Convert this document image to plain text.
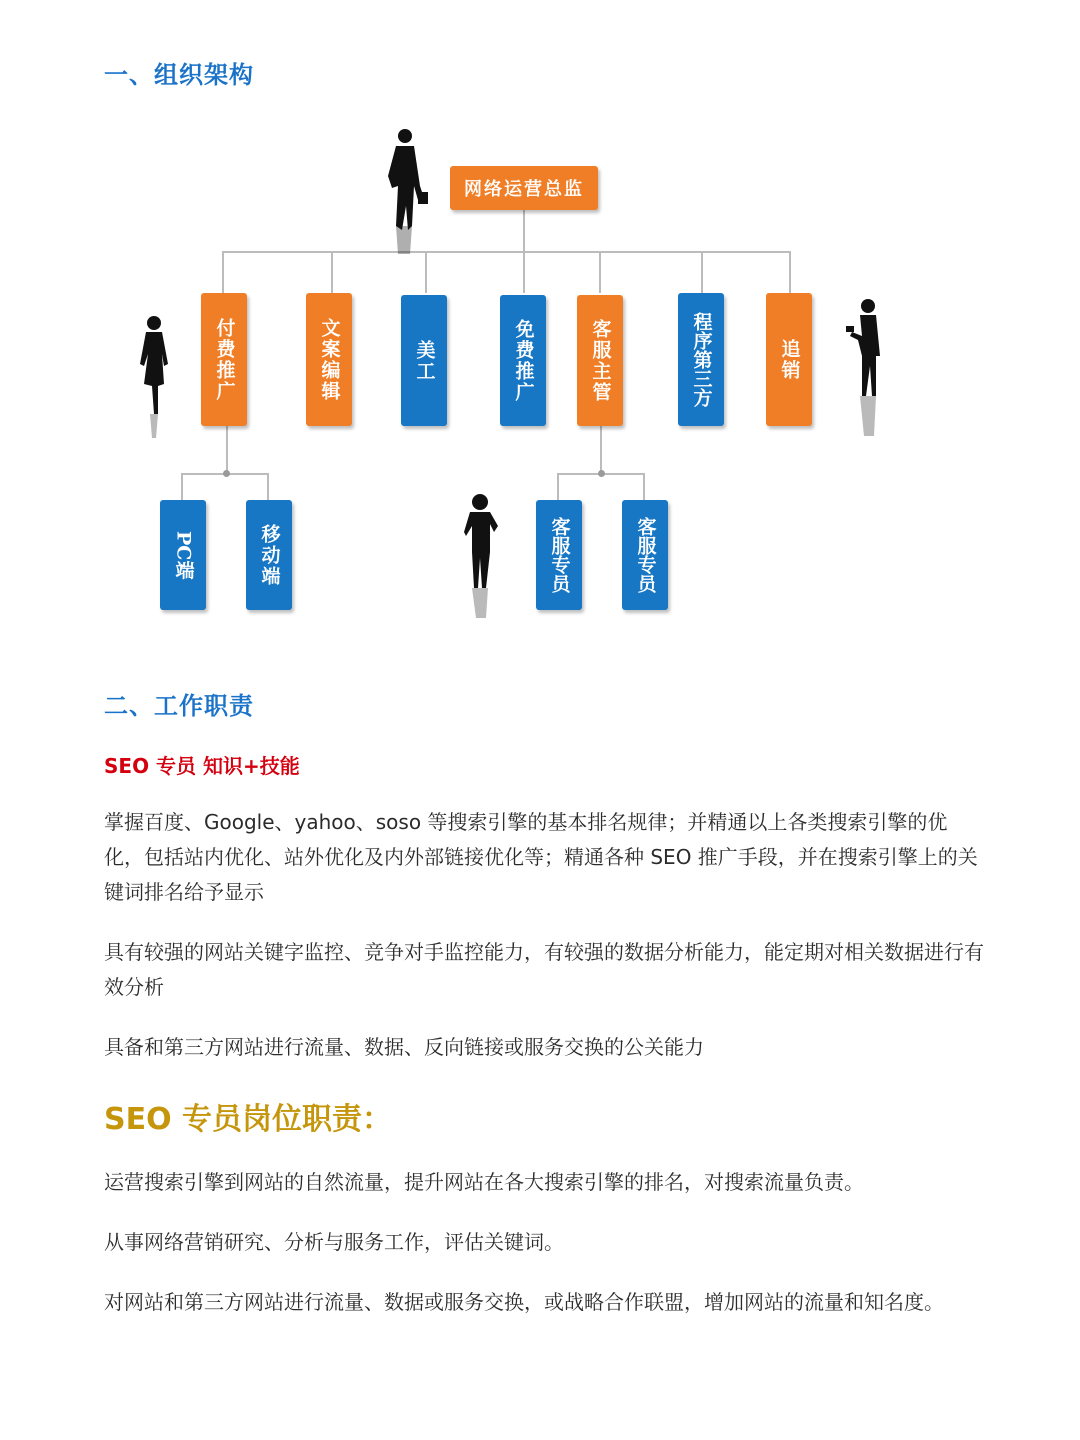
一、组织架构
网络运营总监
付费推广	文案编辑	美工	免费推广	客服主管	程序第三方	追销
PC端	移动端	客服专员	客服专员
二、工作职责

SEO 专员 知识+技能

掌握百度、Google、yahoo、soso 等搜索引擎的基本排名规律；并精通以上各类搜索引擎的优化，包括站内优化、站外优化及内外部链接优化等；精通各种 SEO 推广手段，并在搜索引擎上的关键词排名给予显示

具有较强的网站关键字监控、竞争对手监控能力，有较强的数据分析能力，能定期对相关数据进行有效分析

具备和第三方网站进行流量、数据、反向链接或服务交换的公关能力

SEO 专员岗位职责：

运营搜索引擎到网站的自然流量，提升网站在各大搜索引擎的排名，对搜索流量负责。

从事网络营销研究、分析与服务工作，评估关键词。

对网站和第三方网站进行流量、数据或服务交换，或战略合作联盟，增加网站的流量和知名度。
